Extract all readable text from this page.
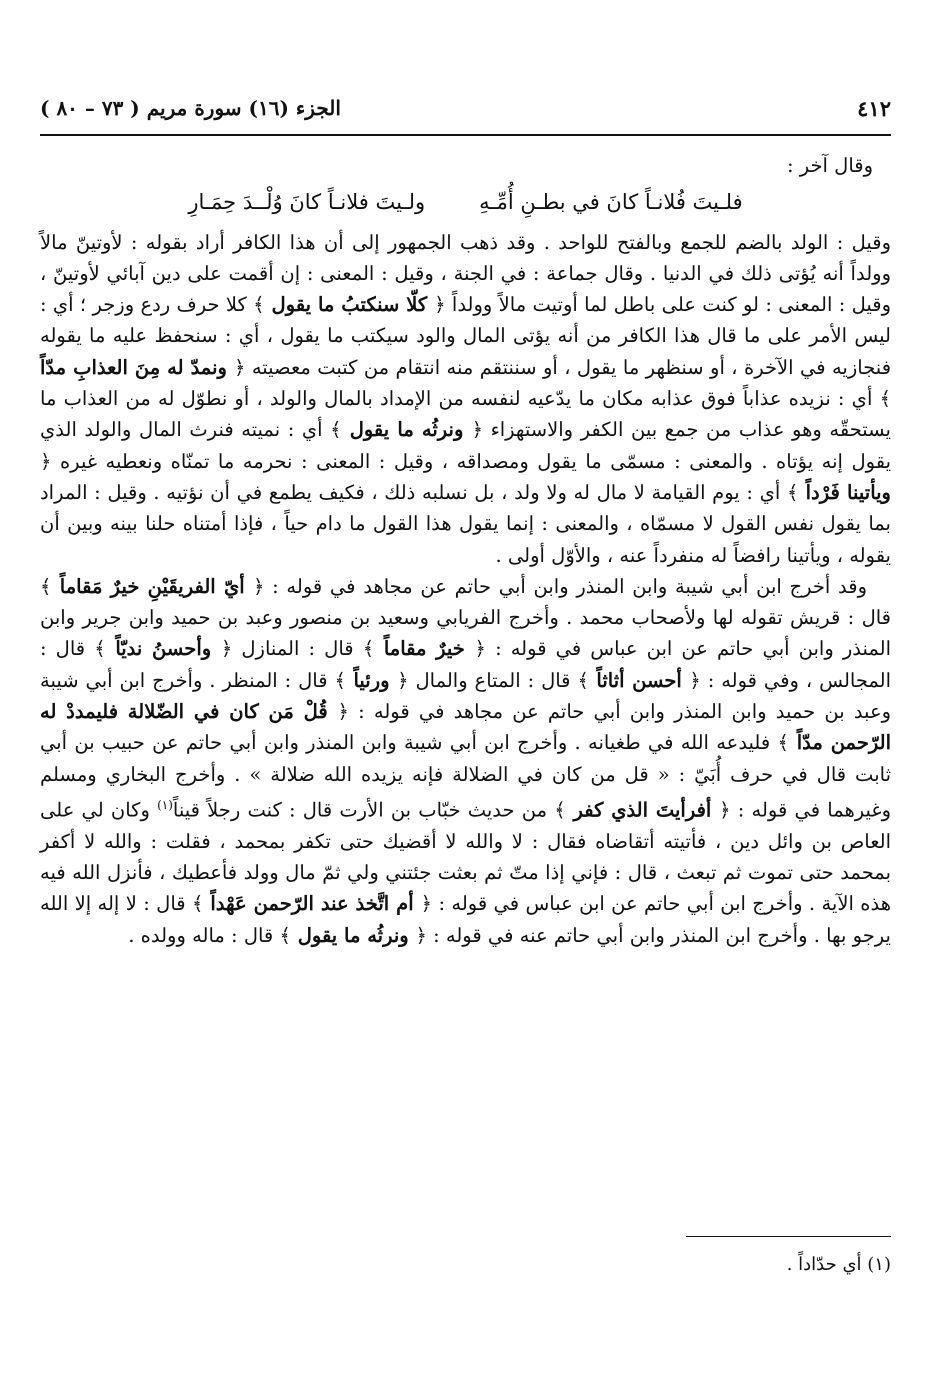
٤١٢
الجزء (١٦) سورة مريم ( ٧٣ – ٨٠ )

وقال آخر :

فلـيتَ فُلانـاً كانَ في بطـنِ أُمِّـهِ
ولـيتَ فلانـاً كانَ وُلْــدَ حِمَـارِ

وقيل : الولد بالضم للجمع وبالفتح للواحد . وقد ذهب الجمهور إلى أن هذا الكافر أراد بقوله : لأوتينّ مالاً وولداً أنه يُؤتى ذلك في الدنيا . وقال جماعة : في الجنة ، وقيل : المعنى : إن أقمت على دين آبائي لأوتينّ ، وقيل : المعنى : لو كنت على باطل لما أوتيت مالاً وولداً ﴿ كلّا سنكتبُ ما يقول ﴾ كلا حرف ردع وزجر ؛ أي : ليس الأمر على ما قال هذا الكافر من أنه يؤتى المال والود سيكتب ما يقول ، أي : سنحفظ عليه ما يقوله فنجازيه في الآخرة ، أو سنظهر ما يقول ، أو سننتقم منه انتقام من كتبت معصيته ﴿ ونمدّ له مِنَ العذابِ مدّاً ﴾ أي : نزيده عذاباً فوق عذابه مكان ما يدّعيه لنفسه من الإمداد بالمال والولد ، أو نطوّل له من العذاب ما يستحقّه وهو عذاب من جمع بين الكفر والاستهزاء ﴿ ونرثُه ما يقول ﴾ أي : نميته فنرث المال والولد الذي يقول إنه يؤتاه . والمعنى : مسمّى ما يقول ومصداقه ، وقيل : المعنى : نحرمه ما تمنّاه ونعطيه غيره ﴿ ويأتينا فَرْداً ﴾ أي : يوم القيامة لا مال له ولا ولد ، بل نسلبه ذلك ، فكيف يطمع في أن نؤتيه . وقيل : المراد بما يقول نفس القول لا مسمّاه ، والمعنى : إنما يقول هذا القول ما دام حياً ، فإذا أمتناه حلنا بينه وبين أن يقوله ، ويأتينا رافضاً له منفرداً عنه ، والأوّل أولى .

وقد أخرج ابن أبي شيبة وابن المنذر وابن أبي حاتم عن مجاهد في قوله : ﴿ أيّ الفريقَيْنِ خيرٌ مَقاماً ﴾ قال : قريش تقوله لها ولأصحاب محمد . وأخرج الفريابي وسعيد بن منصور وعبد بن حميد وابن جرير وابن المنذر وابن أبي حاتم عن ابن عباس في قوله : ﴿ خيرٌ مقاماً ﴾ قال : المنازل ﴿ وأحسنُ نديّاً ﴾ قال : المجالس ، وفي قوله : ﴿ أحسن أثاثاً ﴾ قال : المتاع والمال ﴿ ورئياً ﴾ قال : المنظر . وأخرج ابن أبي شيبة وعبد بن حميد وابن المنذر وابن أبي حاتم عن مجاهد في قوله : ﴿ قُلْ مَن كان في الضّلالة فليمددْ له الرّحمن مدّاً ﴾ فليدعه الله في طغيانه . وأخرج ابن أبي شيبة وابن المنذر وابن أبي حاتم عن حبيب بن أبي ثابت قال في حرف أُبَيّ : « قل من كان في الضلالة فإنه يزيده الله ضلالة » . وأخرج البخاري ومسلم وغيرهما في قوله : ﴿ أفرأيتَ الذي كفر ﴾ من حديث خبّاب بن الأرت قال : كنت رجلاً قيناً$^{(١)}$ وكان لي على العاص بن وائل دين ، فأتيته أتقاضاه فقال : لا والله لا أقضيك حتى تكفر بمحمد ، فقلت : والله لا أكفر بمحمد حتى تموت ثم تبعث ، قال : فإني إذا متّ ثم بعثت جئتني ولي ثمّ مال وولد فأعطيك ، فأنزل الله فيه هذه الآية . وأخرج ابن أبي حاتم عن ابن عباس في قوله : ﴿ أم اتَّخذ عند الرّحمن عَهْداً ﴾ قال : لا إله إلا الله يرجو بها . وأخرج ابن المنذر وابن أبي حاتم عنه في قوله : ﴿ ونرثُه ما يقول ﴾ قال : ماله وولده .

(١) أي حدّاداً .
